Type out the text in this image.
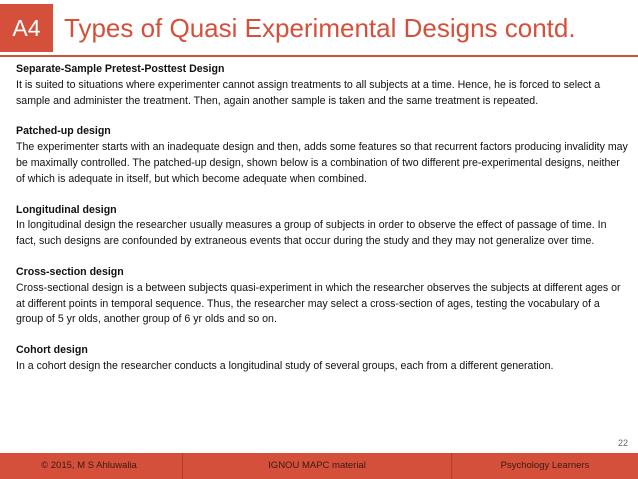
A4 Types of Quasi Experimental Designs contd.
Separate-Sample Pretest-Posttest Design

It is suited to situations where experimenter cannot assign treatments to all subjects at a time. Hence, he is forced to select a sample and administer the treatment. Then, again another sample is taken and the same treatment is repeated.

Patched-up design

The experimenter starts with an inadequate design and then, adds some features so that recurrent factors producing invalidity may be maximally controlled. The patched-up design, shown below is a combination of two different pre-experimental designs, neither of which is adequate in itself, but which become adequate when combined.

Longitudinal design

In longitudinal design the researcher usually measures a group of subjects in order to observe the effect of passage of time. In fact, such designs are confounded by extraneous events that occur during the study and they may not generalize over time.

Cross-section design

Cross-sectional design is a between subjects quasi-experiment in which the researcher observes the subjects at different ages or at different points in temporal sequence. Thus, the researcher may select a cross-section of ages, testing the vocabulary of a group of 5 yr olds, another group of 6 yr olds and so on.

Cohort design

In a cohort design the researcher conducts a longitudinal study of several groups, each from a different generation.

22
© 2015, M S Ahluwalia	IGNOU MAPC material	Psychology Learners
